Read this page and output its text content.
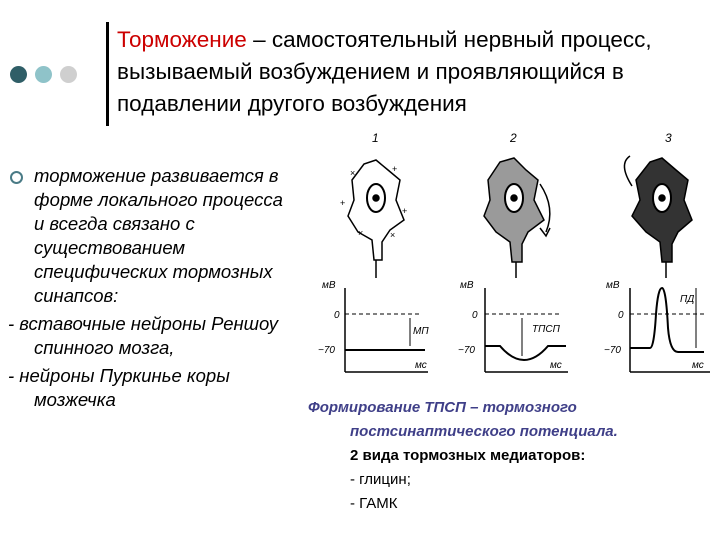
Торможение – самостоятельный нервный процесс, вызываемый возбуждением и проявляющийся в подавлении другого возбуждения
торможение развивается в форме локального процесса и всегда связано с существованием специфических тормозных синапсов:
- вставочные нейроны Реншоу спинного мозга,
- нейроны Пуркинье коры мозжечка
1	2	3
×	+
+
+
×	×
мВ
0
−70
мс
МП
мВ
0
−70
мс
ТПСП
мВ
0
−70
мс
ПД
Формирование ТПСП – тормозного постсинаптического потенциала.
2 вида тормозных медиаторов:
- глицин;
- ГАМК
